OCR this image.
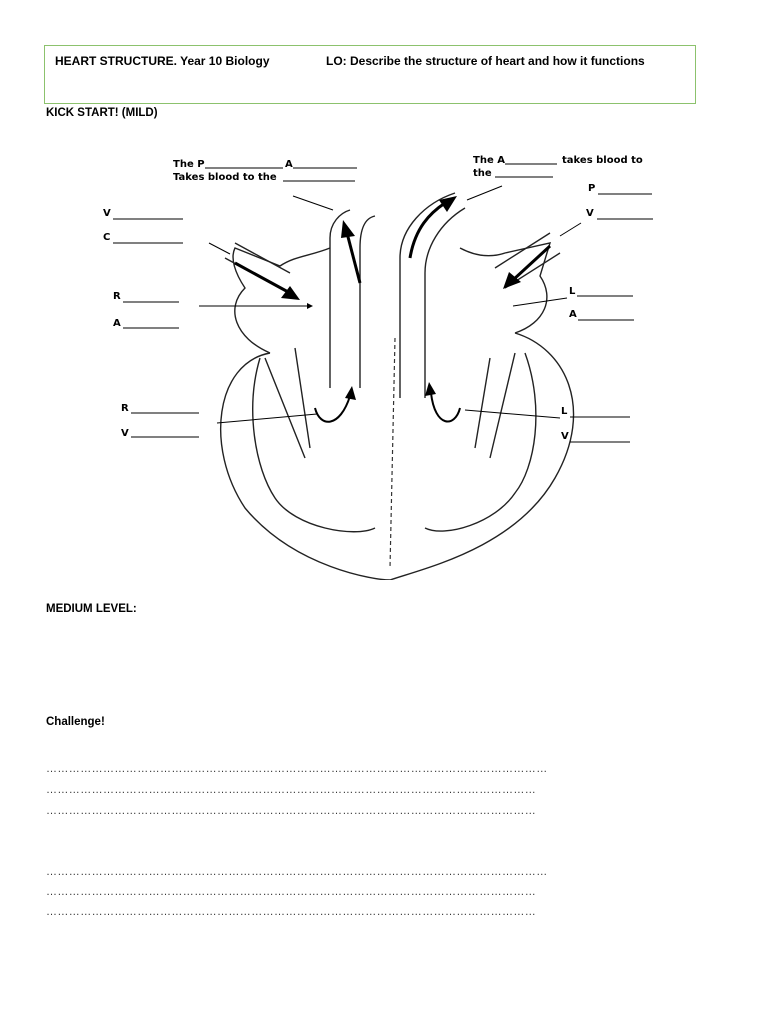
HEART STRUCTURE. Year 10 Biology	LO: Describe the structure of heart and how it functions
KICK START! (MILD)
The P	A
Takes blood to the
The A	takes blood to
the
V
C
R
A
R
V
P
V
L
A
L
V
MEDIUM LEVEL:
Challenge!
……………………………………………………………………………………………………………………
…………………………………………………………………………………………………………………
…………………………………………………………………………………………………………………
……………………………………………………………………………………………………………………
…………………………………………………………………………………………………………………
…………………………………………………………………………………………………………………
